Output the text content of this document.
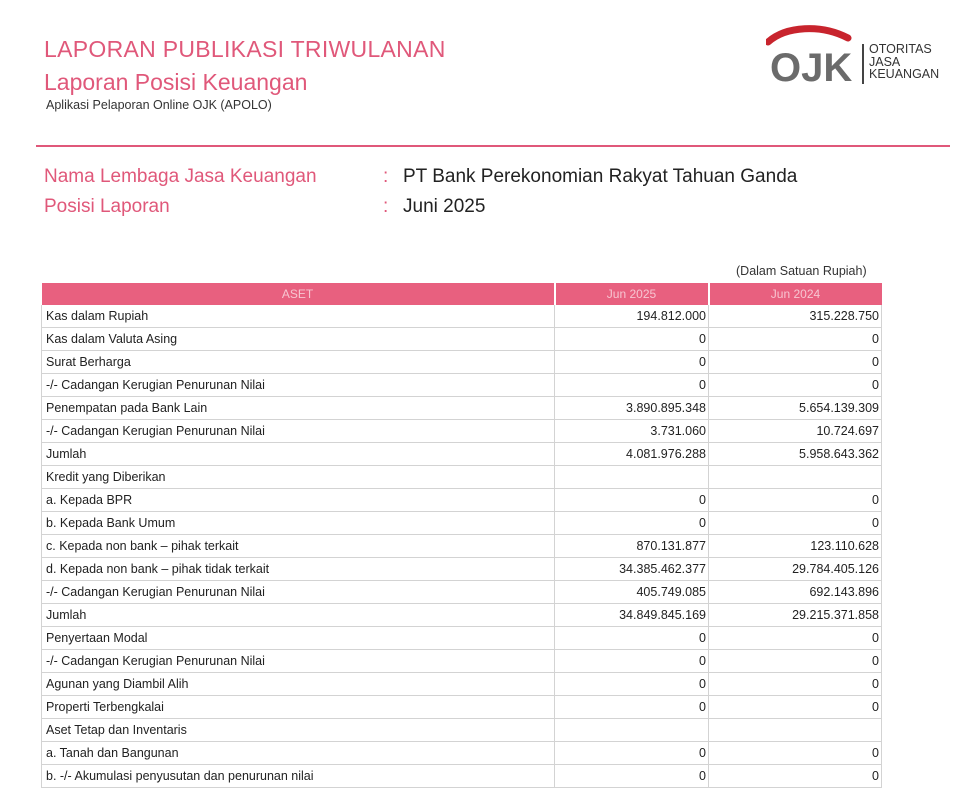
LAPORAN PUBLIKASI TRIWULANAN
Laporan Posisi Keuangan
Aplikasi Pelaporan Online OJK (APOLO)
OJK OTORITAS
JASA
KEUANGAN
Nama Lembaga Jasa Keuangan	: PT Bank Perekonomian Rakyat Tahuan Ganda
Posisi Laporan	: Juni 2025
(Dalam Satuan Rupiah)
ASET	Jun 2025	Jun 2024
Kas dalam Rupiah	194.812.000	315.228.750
Kas dalam Valuta Asing	0	0
Surat Berharga	0	0
-/- Cadangan Kerugian Penurunan Nilai	0	0
Penempatan pada Bank Lain	3.890.895.348	5.654.139.309
-/- Cadangan Kerugian Penurunan Nilai	3.731.060	10.724.697
Jumlah	4.081.976.288	5.958.643.362
Kredit yang Diberikan		
a. Kepada BPR	0	0
b. Kepada Bank Umum	0	0
c. Kepada non bank – pihak terkait	870.131.877	123.110.628
d. Kepada non bank – pihak tidak terkait	34.385.462.377	29.784.405.126
-/- Cadangan Kerugian Penurunan Nilai	405.749.085	692.143.896
Jumlah	34.849.845.169	29.215.371.858
Penyertaan Modal	0	0
-/- Cadangan Kerugian Penurunan Nilai	0	0
Agunan yang Diambil Alih	0	0
Properti Terbengkalai	0	0
Aset Tetap dan Inventaris		
a. Tanah dan Bangunan	0	0
b. -/- Akumulasi penyusutan dan penurunan nilai	0	0
